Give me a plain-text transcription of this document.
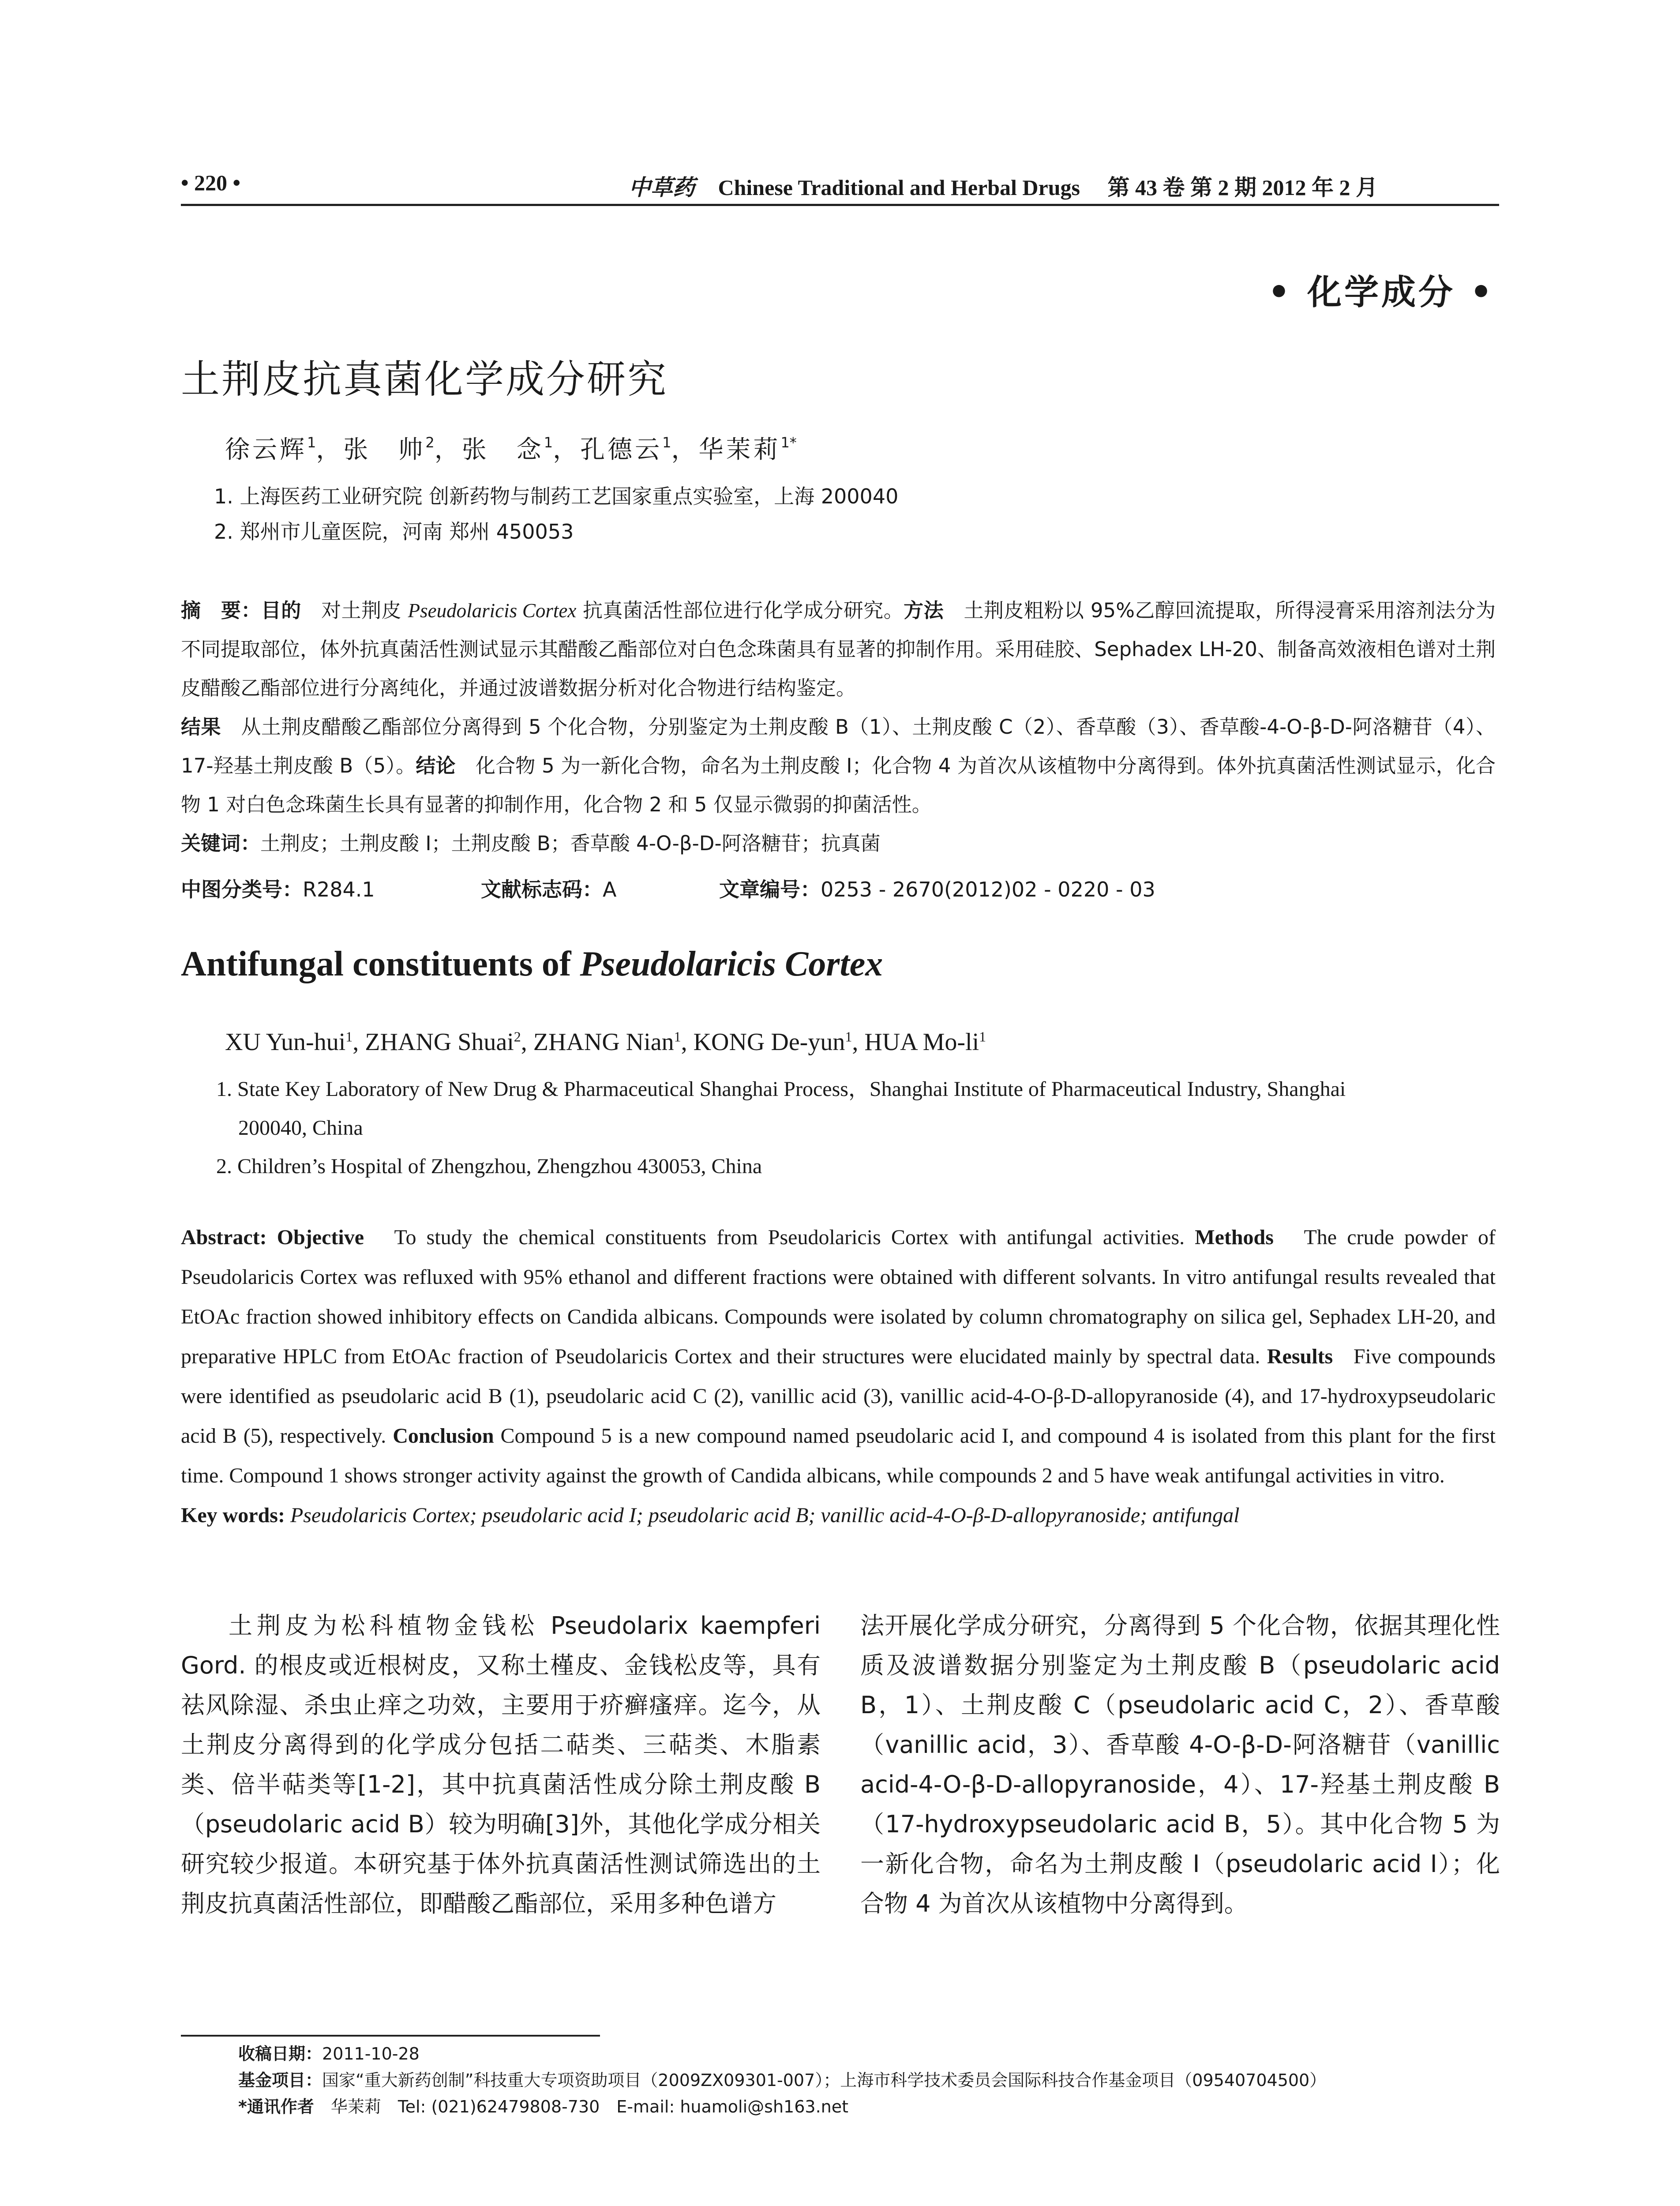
• 220 •	中草药 Chinese Traditional and Herbal Drugs 第 43 卷 第 2 期 2012 年 2 月
• 化学成分 •
土荆皮抗真菌化学成分研究
徐云辉$^1$，张　帅$^2$，张　念$^1$，孔德云$^1$，华茉莉$^{1*}$
1. 上海医药工业研究院 创新药物与制药工艺国家重点实验室，上海 200040
2. 郑州市儿童医院，河南 郑州 450053
摘　要：目的　 对土荆皮 Pseudolaricis Cortex 抗真菌活性部位进行化学成分研究。方法　 土荆皮粗粉以 95%乙醇回流提取，所得浸膏采用溶剂法分为不同提取部位，体外抗真菌活性测试显示其醋酸乙酯部位对白色念珠菌具有显著的抑制作用。采用硅胶、Sephadex LH-20、制备高效液相色谱对土荆皮醋酸乙酯部位进行分离纯化，并通过波谱数据分析对化合物进行结构鉴定。
结果　 从土荆皮醋酸乙酯部位分离得到 5 个化合物，分别鉴定为土荆皮酸 B（1）、土荆皮酸 C（2）、香草酸（3）、香草酸-4-O-β-D-阿洛糖苷（4）、17-羟基土荆皮酸 B（5）。结论　 化合物 5 为一新化合物，命名为土荆皮酸 I；化合物 4 为首次从该植物中分离得到。体外抗真菌活性测试显示，化合物 1 对白色念珠菌生长具有显著的抑制作用，化合物 2 和 5 仅显示微弱的抑菌活性。
关键词：土荆皮；土荆皮酸 I；土荆皮酸 B；香草酸 4-O-β-D-阿洛糖苷；抗真菌
中图分类号：R284.1	文献标志码：A	文章编号：0253 - 2670(2012)02 - 0220 - 03
Antifungal constituents of Pseudolaricis Cortex
XU Yun-hui$^1$, ZHANG Shuai$^2$, ZHANG Nian$^1$, KONG De-yun$^1$, HUA $Mo-li^1$
1. State Key Laboratory of New Drug & Pharmaceutical Shanghai Process，Shanghai Institute of Pharmaceutical Industry, Shanghai
200040, China
2. Children’s Hospital of Zhengzhou, Zhengzhou 430053, China
Abstract: Objective To study the chemical constituents from Pseudolaricis Cortex with antifungal activities. Methods The crude powder of Pseudolaricis Cortex was refluxed with 95% ethanol and different fractions were obtained with different solvants. In vitro antifungal results revealed that EtOAc fraction showed inhibitory effects on Candida albicans. Compounds were isolated by column chromatography on silica gel, Sephadex LH-20, and preparative HPLC from EtOAc fraction of Pseudolaricis Cortex and their structures were elucidated mainly by spectral data. Results Five compounds were identified as pseudolaric acid B (1), pseudolaric acid C (2), vanillic acid (3), vanillic acid-4-O-β-D-allopyranoside (4), and 17-hydroxypseudolaric acid B (5), respectively. Conclusion Compound 5 is a new compound named pseudolaric acid I, and compound 4 is isolated from this plant for the first time. Compound 1 shows stronger activity against the growth of Candida albicans, while compounds 2 and 5 have weak antifungal activities in vitro.
Key words: Pseudolaricis Cortex; pseudolaric acid I; pseudolaric acid B; vanillic acid-4-O-β-D-allopyranoside; antifungal
土荆皮为松科植物金钱松 Pseudolarix kaempferi Gord. 的根皮或近根树皮，又称土槿皮、金钱松皮等，具有祛风除湿、杀虫止痒之功效，主要用于疥癣瘙痒。迄今，从土荆皮分离得到的化学成分包括二萜类、三萜类、木脂素类、倍半萜类等[1-2]，其中抗真菌活性成分除土荆皮酸 B（pseudolaric acid B）较为明确[3]外，其他化学成分相关研究较少报道。本研究基于体外抗真菌活性测试筛选出的土荆皮抗真菌活性部位，即醋酸乙酯部位，采用多种色谱方
法开展化学成分研究，分离得到 5 个化合物，依据其理化性质及波谱数据分别鉴定为土荆皮酸 B（pseudolaric acid B，1）、土荆皮酸 C（pseudolaric acid C，2）、香草酸（vanillic acid，3）、香草酸 4-O-β-D-阿洛糖苷（vanillic acid-4-O-β-D-allopyranoside，4）、17-羟基土荆皮酸 B（17-hydroxypseudolaric acid B，5）。其中化合物 5 为一新化合物，命名为土荆皮酸 I（pseudolaric acid I）；化合物 4 为首次从该植物中分离得到。
收稿日期：2011-10-28
基金项目：国家“重大新药创制”科技重大专项资助项目（2009ZX09301-007）；上海市科学技术委员会国际科技合作基金项目（09540704500）
*通讯作者　 华茉莉　Tel: (021)62479808-730　E-mail: huamoli@sh163.net
